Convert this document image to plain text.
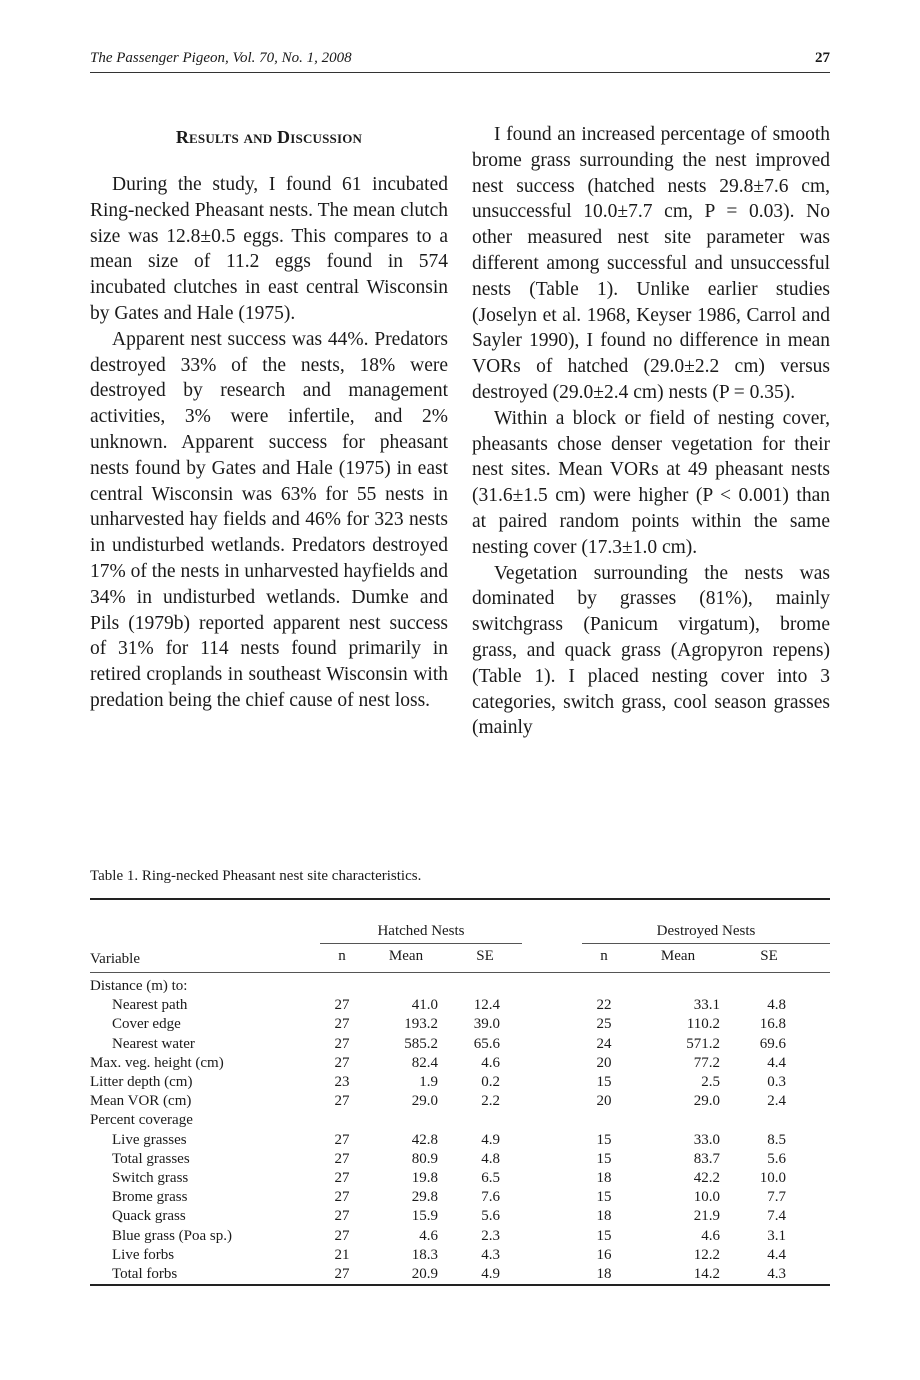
The Passenger Pigeon, Vol. 70, No. 1, 2008	27
Results and Discussion

During the study, I found 61 incubated Ring-necked Pheasant nests. The mean clutch size was 12.8±0.5 eggs. This compares to a mean size of 11.2 eggs found in 574 incubated clutches in east central Wisconsin by Gates and Hale (1975).

Apparent nest success was 44%. Predators destroyed 33% of the nests, 18% were destroyed by research and management activities, 3% were infertile, and 2% unknown. Apparent success for pheasant nests found by Gates and Hale (1975) in east central Wisconsin was 63% for 55 nests in unharvested hay fields and 46% for 323 nests in undisturbed wetlands. Predators destroyed 17% of the nests in unharvested hayfields and 34% in undisturbed wetlands. Dumke and Pils (1979b) reported apparent nest success of 31% for 114 nests found primarily in retired croplands in southeast Wisconsin with predation being the chief cause of nest loss.

I found an increased percentage of smooth brome grass surrounding the nest improved nest success (hatched nests 29.8±7.6 cm, unsuccessful 10.0±7.7 cm, P = 0.03). No other measured nest site parameter was different among successful and unsuccessful nests (Table 1). Unlike earlier studies (Joselyn et al. 1968, Keyser 1986, Carrol and Sayler 1990), I found no difference in mean VORs of hatched (29.0±2.2 cm) versus destroyed (29.0±2.4 cm) nests (P = 0.35).

Within a block or field of nesting cover, pheasants chose denser vegetation for their nest sites. Mean VORs at 49 pheasant nests (31.6±1.5 cm) were higher (P < 0.001) than at paired random points within the same nesting cover (17.3±1.0 cm).

Vegetation surrounding the nests was dominated by grasses (81%), mainly switchgrass (Panicum virgatum), brome grass, and quack grass (Agropyron repens) (Table 1). I placed nesting cover into 3 categories, switch grass, cool season grasses (mainly

Table 1. Ring-necked Pheasant nest site characteristics.

	Hatched Nests				Destroyed Nests			
Variable	n	Mean	SE		n	Mean	SE	
Distance (m) to:								
Nearest path	27	41.0	12.4		22	33.1	4.8	
Cover edge	27	193.2	39.0		25	110.2	16.8	
Nearest water	27	585.2	65.6		24	571.2	69.6	
Max. veg. height (cm)	27	82.4	4.6		20	77.2	4.4	
Litter depth (cm)	23	1.9	0.2		15	2.5	0.3	
Mean VOR (cm)	27	29.0	2.2		20	29.0	2.4	
Percent coverage								
Live grasses	27	42.8	4.9		15	33.0	8.5	
Total grasses	27	80.9	4.8		15	83.7	5.6	
Switch grass	27	19.8	6.5		18	42.2	10.0	
Brome grass	27	29.8	7.6		15	10.0	7.7	
Quack grass	27	15.9	5.6		18	21.9	7.4	
Blue grass (Poa sp.)	27	4.6	2.3		15	4.6	3.1	
Live forbs	21	18.3	4.3		16	12.2	4.4	
Total forbs	27	20.9	4.9		18	14.2	4.3	
